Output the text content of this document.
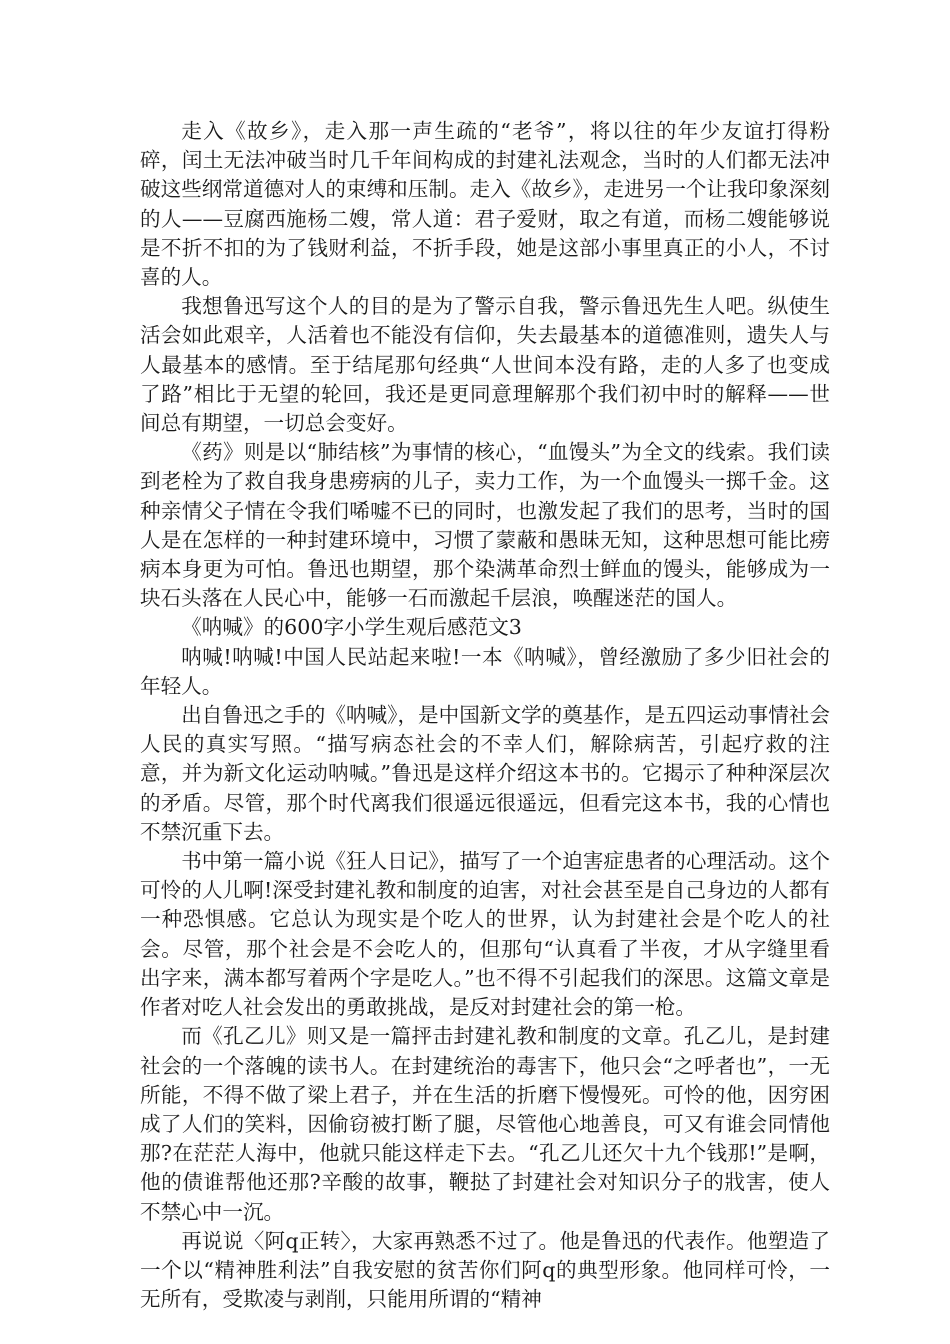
走入《故乡》，走入那一声生疏的“老爷”，将以往的年少友谊打得粉碎，闰土无法冲破当时几千年间构成的封建礼法观念，当时的人们都无法冲破这些纲常道德对人的束缚和压制。走入《故乡》，走进另一个让我印象深刻的人——豆腐西施杨二嫂，常人道：君子爱财，取之有道，而杨二嫂能够说是不折不扣的为了钱财利益，不折手段，她是这部小事里真正的小人，不讨喜的人。

我想鲁迅写这个人的目的是为了警示自我，警示鲁迅先生人吧。纵使生活会如此艰辛，人活着也不能没有信仰，失去最基本的道德准则，遗失人与人最基本的感情。至于结尾那句经典“人世间本没有路，走的人多了也变成了路”相比于无望的轮回，我还是更同意理解那个我们初中时的解释——世间总有期望，一切总会变好。

《药》则是以“肺结核”为事情的核心，“血馒头”为全文的线索。我们读到老栓为了救自我身患痨病的儿子，卖力工作，为一个血馒头一掷千金。这种亲情父子情在令我们唏嘘不已的同时，也激发起了我们的思考，当时的国人是在怎样的一种封建环境中，习惯了蒙蔽和愚昧无知，这种思想可能比痨病本身更为可怕。鲁迅也期望，那个染满革命烈士鲜血的馒头，能够成为一块石头落在人民心中，能够一石而激起千层浪，唤醒迷茫的国人。

《呐喊》的600字小学生观后感范文3

呐喊!呐喊!中国人民站起来啦!一本《呐喊》，曾经激励了多少旧社会的年轻人。

出自鲁迅之手的《呐喊》，是中国新文学的奠基作，是五四运动事情社会人民的真实写照。“描写病态社会的不幸人们，解除病苦，引起疗救的注意，并为新文化运动呐喊。”鲁迅是这样介绍这本书的。它揭示了种种深层次的矛盾。尽管，那个时代离我们很遥远很遥远，但看完这本书，我的心情也不禁沉重下去。

书中第一篇小说《狂人日记》，描写了一个迫害症患者的心理活动。这个可怜的人儿啊!深受封建礼教和制度的迫害，对社会甚至是自己身边的人都有一种恐惧感。它总认为现实是个吃人的世界，认为封建社会是个吃人的社会。尽管，那个社会是不会吃人的，但那句“认真看了半夜，才从字缝里看出字来，满本都写着两个字是吃人。”也不得不引起我们的深思。这篇文章是作者对吃人社会发出的勇敢挑战，是反对封建社会的第一枪。

而《孔乙儿》则又是一篇抨击封建礼教和制度的文章。孔乙儿，是封建社会的一个落魄的读书人。在封建统治的毒害下，他只会“之呼者也”，一无所能，不得不做了梁上君子，并在生活的折磨下慢慢死。可怜的他，因穷困成了人们的笑料，因偷窃被打断了腿，尽管他心地善良，可又有谁会同情他那?在茫茫人海中，他就只能这样走下去。“孔乙儿还欠十九个钱那!”是啊，他的债谁帮他还那?辛酸的故事，鞭挞了封建社会对知识分子的戕害，使人不禁心中一沉。

再说说〈阿q正转〉，大家再熟悉不过了。他是鲁迅的代表作。他塑造了一个以“精神胜利法”自我安慰的贫苦你们阿q的典型形象。他同样可怜，一无所有，受欺凌与剥削，只能用所谓的“精神
